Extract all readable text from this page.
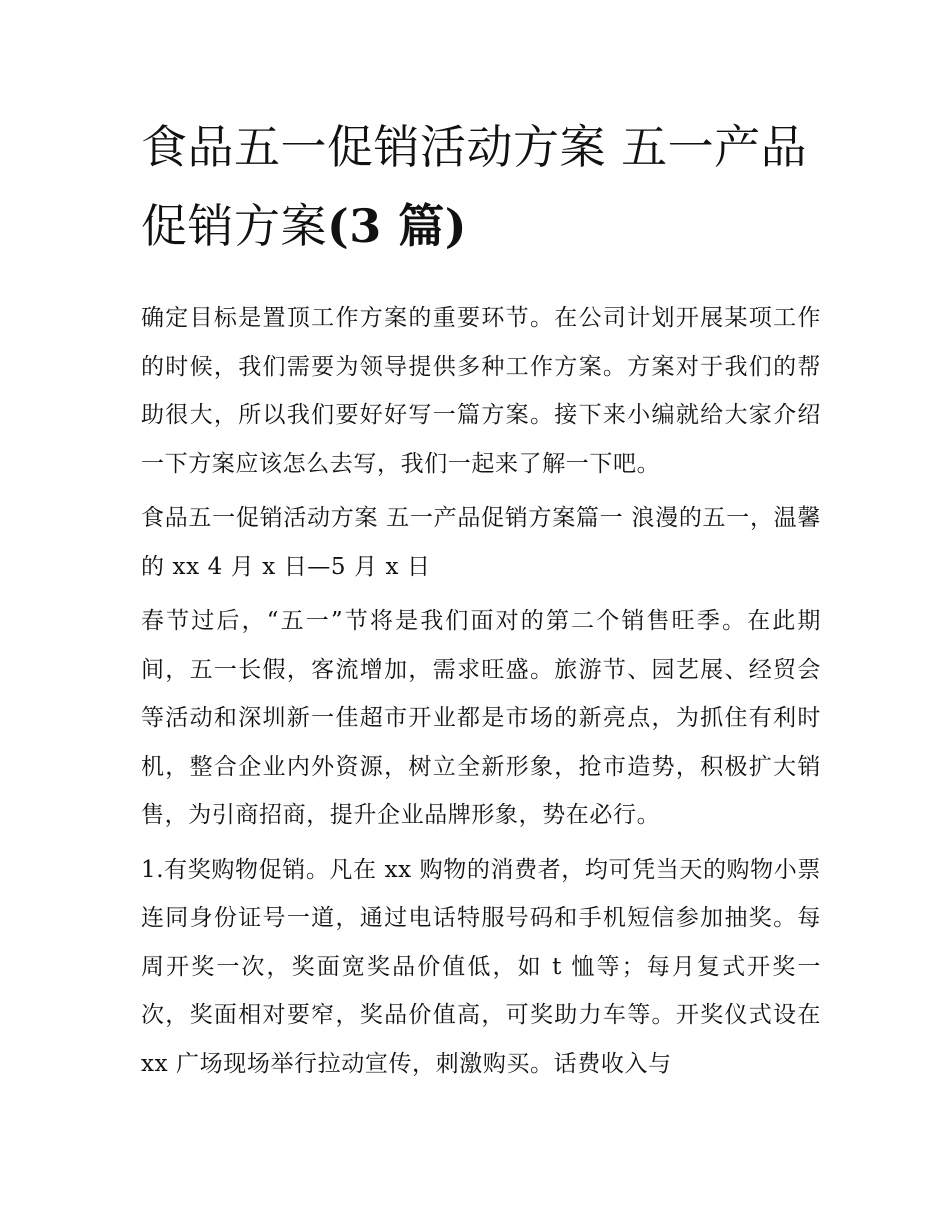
食品五一促销活动方案 五一产品促销方案(3 篇)

确定目标是置顶工作方案的重要环节。在公司计划开展某项工作的时候，我们需要为领导提供多种工作方案。方案对于我们的帮助很大，所以我们要好好写一篇方案。接下来小编就给大家介绍一下方案应该怎么去写，我们一起来了解一下吧。

食品五一促销活动方案 五一产品促销方案篇一 浪漫的五一，温馨的 xx 4 月 x 日—5 月 x 日

春节过后，“五一”节将是我们面对的第二个销售旺季。在此期间，五一长假，客流增加，需求旺盛。旅游节、园艺展、经贸会等活动和深圳新一佳超市开业都是市场的新亮点，为抓住有利时机，整合企业内外资源，树立全新形象，抢市造势，积极扩大销售，为引商招商，提升企业品牌形象，势在必行。

1.有奖购物促销。凡在 xx 购物的消费者，均可凭当天的购物小票连同身份证号一道，通过电话特服号码和手机短信参加抽奖。每周开奖一次，奖面宽奖品价值低，如 t 恤等；每月复式开奖一次，奖面相对要窄，奖品价值高，可奖助力车等。开奖仪式设在 xx 广场现场举行拉动宣传，刺激购买。话费收入与
